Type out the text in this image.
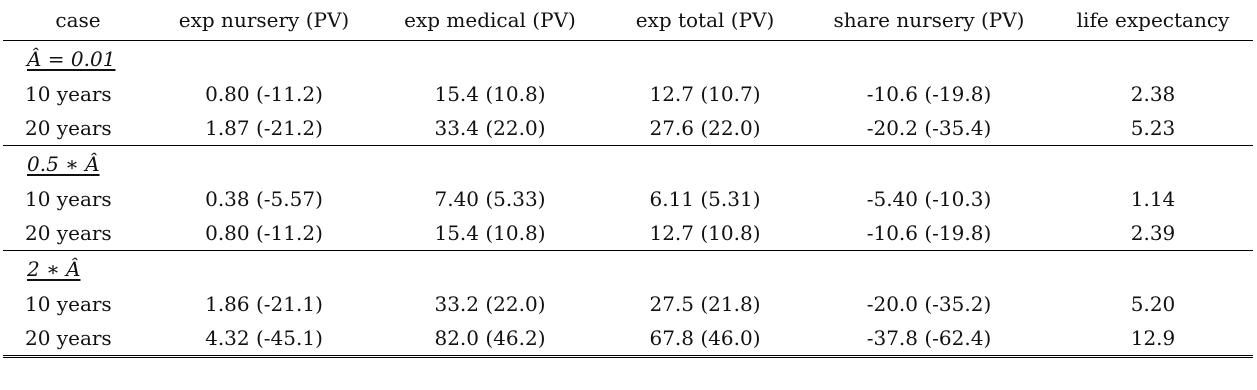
case	exp nursery (PV)	exp medical (PV)	exp total (PV)	share nursery (PV)	life expectancy
Â = 0.01					
10 years	0.80 (-11.2)	15.4 (10.8)	12.7 (10.7)	-10.6 (-19.8)	2.38
20 years	1.87 (-21.2)	33.4 (22.0)	27.6 (22.0)	-20.2 (-35.4)	5.23
0.5 ∗ Â					
10 years	0.38 (-5.57)	7.40 (5.33)	6.11 (5.31)	-5.40 (-10.3)	1.14
20 years	0.80 (-11.2)	15.4 (10.8)	12.7 (10.8)	-10.6 (-19.8)	2.39
2 ∗ Â					
10 years	1.86 (-21.1)	33.2 (22.0)	27.5 (21.8)	-20.0 (-35.2)	5.20
20 years	4.32 (-45.1)	82.0 (46.2)	67.8 (46.0)	-37.8 (-62.4)	12.9
